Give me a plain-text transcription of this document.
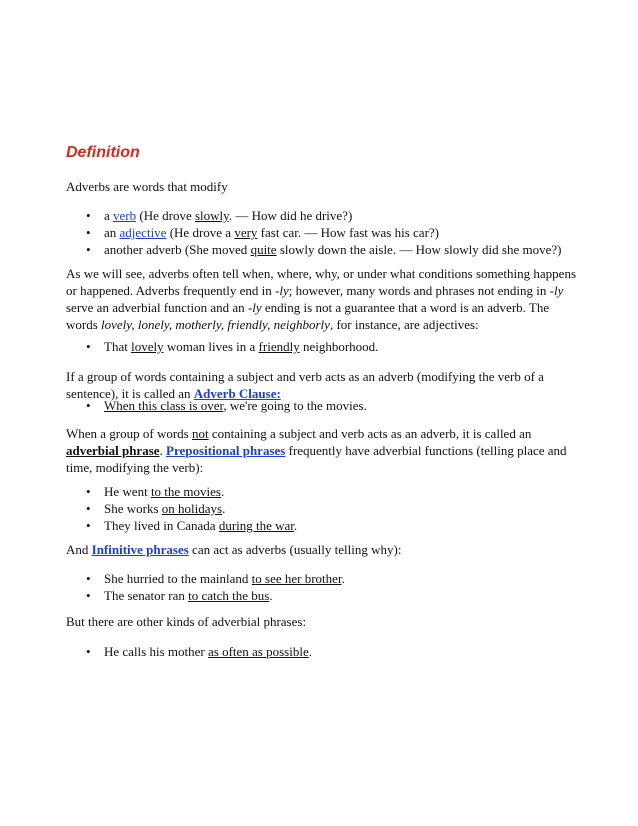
Definition

Adverbs are words that modify

• a verb (He drove slowly. — How did he drive?)
• an adjective (He drove a very fast car. — How fast was his car?)
• another adverb (She moved quite slowly down the aisle. — How slowly did she move?)

As we will see, adverbs often tell when, where, why, or under what conditions something happens or happened. Adverbs frequently end in -ly; however, many words and phrases not ending in -ly serve an adverbial function and an -ly ending is not a guarantee that a word is an adverb. The words lovely, lonely, motherly, friendly, neighborly, for instance, are adjectives:

• That lovely woman lives in a friendly neighborhood.

If a group of words containing a subject and verb acts as an adverb (modifying the verb of a sentence), it is called an Adverb Clause:

• When this class is over, we're going to the movies.

When a group of words not containing a subject and verb acts as an adverb, it is called an adverbial phrase. Prepositional phrases frequently have adverbial functions (telling place and time, modifying the verb):

• He went to the movies.
• She works on holidays.
• They lived in Canada during the war.

And Infinitive phrases can act as adverbs (usually telling why):

• She hurried to the mainland to see her brother.
• The senator ran to catch the bus.

But there are other kinds of adverbial phrases:

• He calls his mother as often as possible.
